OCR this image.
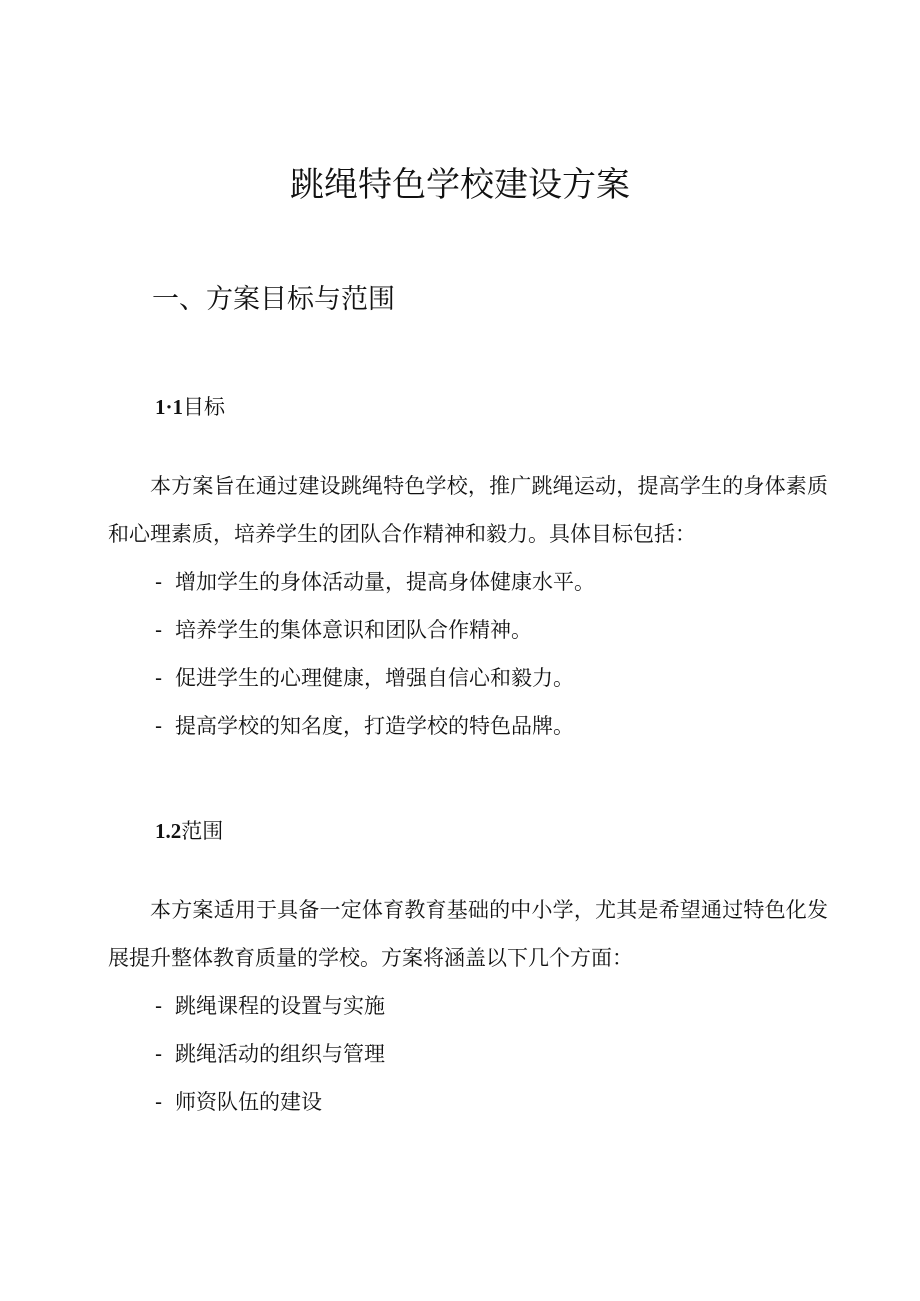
跳绳特色学校建设方案
一、方案目标与范围
1·1目标

本方案旨在通过建设跳绳特色学校，推广跳绳运动，提高学生的身体素质和心理素质，培养学生的团队合作精神和毅力。具体目标包括：

- 增加学生的身体活动量，提高身体健康水平。
- 培养学生的集体意识和团队合作精神。
- 促进学生的心理健康，增强自信心和毅力。
- 提高学校的知名度，打造学校的特色品牌。
1.2范围

本方案适用于具备一定体育教育基础的中小学，尤其是希望通过特色化发展提升整体教育质量的学校。方案将涵盖以下几个方面：

- 跳绳课程的设置与实施
- 跳绳活动的组织与管理
- 师资队伍的建设
